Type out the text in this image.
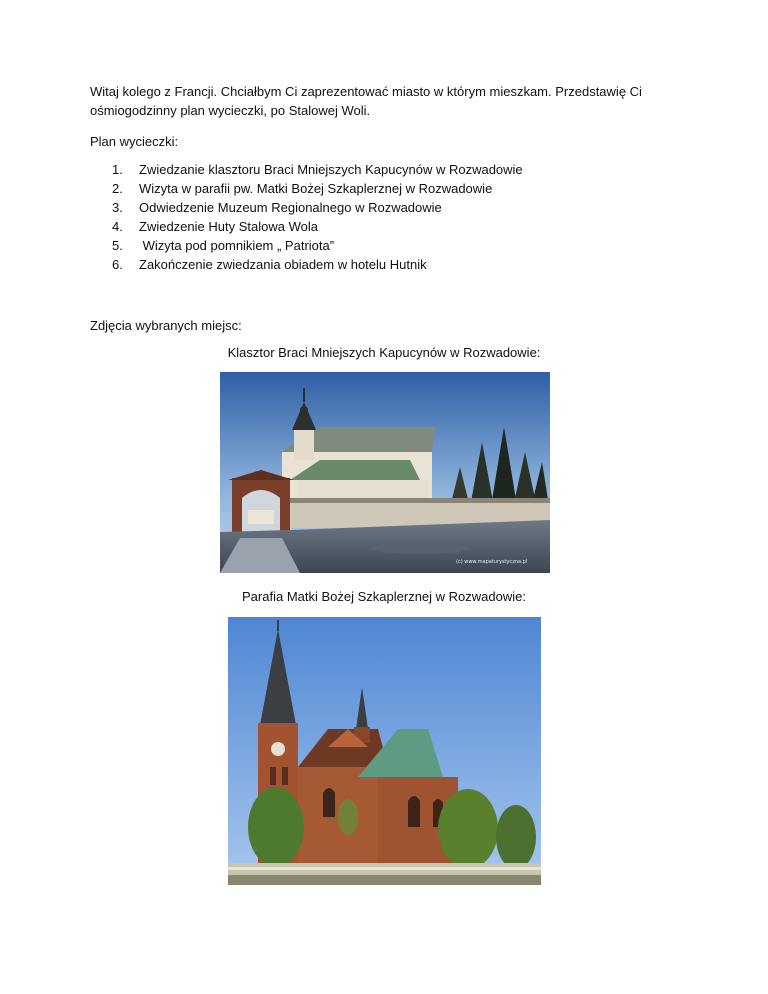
Witaj kolego z Francji. Chciałbym Ci zaprezentować miasto w którym mieszkam. Przedstawię Ci ośmiogodzinny plan wycieczki, po Stalowej Woli.

Plan wycieczki:

1. Zwiedzanie klasztoru Braci Mniejszych Kapucynów w Rozwadowie
2. Wizyta w parafii pw. Matki Bożej Szkaplerznej w Rozwadowie
3. Odwiedzenie Muzeum Regionalnego w Rozwadowie
4. Zwiedzenie Huty Stalowa Wola
5. Wizyta pod pomnikiem „ Patriota”
6. Zakończenie zwiedzania obiadem w hotelu Hutnik

Zdjęcia wybranych miejsc:

Klasztor Braci Mniejszych Kapucynów w Rozwadowie:
(c) www.mapaturystyczna.pl
Parafia Matki Bożej Szkaplerznej w Rozwadowie:
